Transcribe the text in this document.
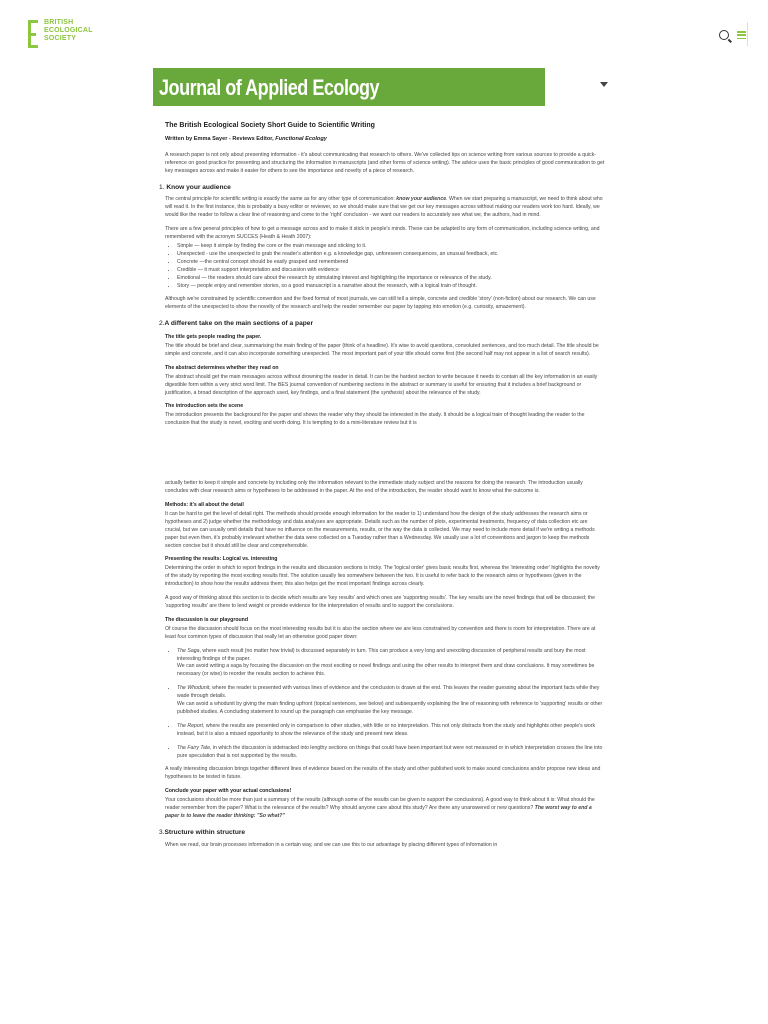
BRITISH
ECOLOGICAL
SOCIETY
Journal of Applied Ecology
The British Ecological Society Short Guide to Scientific Writing
Written by Emma Sayer - Reviews Editor, Functional Ecology

A research paper is not only about presenting information - it's about communicating that research to others. We've collected tips on science writing from various sources to provide a quick-reference on good practice for presenting and structuring the information in manuscripts (and other forms of science writing). The advice uses the basic principles of good communication to get key messages across and make it easier for others to see the importance and novelty of a piece of research.

1. Know your audience

The central principle for scientific writing is exactly the same as for any other type of communication: know your audience. When we start preparing a manuscript, we need to think about who will read it. In the first instance, this is probably a busy editor or reviewer, so we should make sure that we get our key messages across without making our readers work too hard. Ideally, we would like the reader to follow a clear line of reasoning and come to the 'right' conclusion - we want our readers to accurately see what we, the authors, had in mind.

There are a few general principles of how to get a message across and to make it stick in people's minds. These can be adapted to any form of communication, including science writing, and remembered with the acronym SUCCES (Heath & Heath 2007):

• Simple — keep it simple by finding the core or the main message and sticking to it.
• Unexpected - use the unexpected to grab the reader's attention e.g. a knowledge gap, unforeseen consequences, an unusual feedback, etc.
• Concrete —the central concept should be easily grasped and remembered
• Credible — it must support interpretation and discussion with evidence
• Emotional — the readers should care about the research by stimulating interest and highlighting the importance or relevance of the study.
• Story — people enjoy and remember stories, so a good manuscript is a narrative about the research, with a logical train of thought.

Although we're constrained by scientific convention and the fixed format of most journals, we can still tell a simple, concrete and credible 'story' (non-fiction) about our research. We can use elements of the unexpected to show the novelty of the research and help the reader remember our paper by tapping into emotion (e.g. curiosity, amazement).

2.A different take on the main sections of a paper
The title gets people reading the paper.

The title should be brief and clear, summarising the main finding of the paper (think of a headline). It's wise to avoid questions, convoluted sentences, and too much detail. The title should be simple and concrete, and it can also incorporate something unexpected. The most important part of your title should come first (the second half may not appear in a list of search results).

The abstract determines whether they read on

The abstract should get the main messages across without drowning the reader in detail. It can be the hardest section to write because it needs to contain all the key information in an easily digestible form within a very strict word limit. The BES journal convention of numbering sections in the abstract or summary is useful for ensuring that it includes a brief background or justification, a broad description of the approach used, key findings, and a final statement (the synthesis) about the relevance of the study.

The introduction sets the scene

The introduction presents the background for the paper and shows the reader why they should be interested in the study. It should be a logical train of thought leading the reader to the conclusion that the study is novel, exciting and worth doing. It is tempting to do a mini-literature review but it is

actually better to keep it simple and concrete by including only the information relevant to the immediate study subject and the reasons for doing the research. The introduction usually concludes with clear research aims or hypotheses to be addressed in the paper. At the end of the introduction, the reader should want to know what the outcome is.

Methods: it's all about the detail

It can be hard to get the level of detail right. The methods should provide enough information for the reader to 1) understand how the design of the study addresses the research aims or hypotheses and 2) judge whether the methodology and data analyses are appropriate. Details such as the number of plots, experimental treatments, frequency of data collection etc are crucial, but we can usually omit details that have no influence on the measurements, results, or the way the data is collected. We may need to include more detail if we're writing a methods paper but even then, it's probably irrelevant whether the data were collected on a Tuesday rather than a Wednesday. We usually use a lot of conventions and jargon to keep the methods section concise but it should still be clear and comprehensible.

Presenting the results: Logical vs. interesting

Determining the order in which to report findings in the results and discussion sections is tricky. The 'logical order' gives basic results first, whereas the 'interesting order' highlights the novelty of the study by reporting the most exciting results first. The solution usually lies somewhere between the two. It is useful to refer back to the research aims or hypotheses (given in the introduction) to show how the results address them; this also helps get the most important findings across clearly.

A good way of thinking about this section is to decide which results are 'key results' and which ones are 'supporting results'. The key results are the novel findings that will be discussed; the 'supporting results' are there to lend weight or provide evidence for the interpretation of results and to support the conclusions.

The discussion is our playground

Of course the discussion should focus on the most interesting results but it is also the section where we are less constrained by convention and there is room for interpretation. There are at least four common types of discussion that really let an otherwise good paper down:

• The Saga, where each result (no matter how trivial) is discussed separately in turn. This can produce a very long and unexciting discussion of peripheral results and bury the most interesting findings of the paper.
We can avoid writing a saga by focusing the discussion on the most exciting or novel findings and using the other results to interpret them and draw conclusions. It may sometimes be necessary (or wise) to reorder the results section to achieve this.
• The Whodunit, where the reader is presented with various lines of evidence and the conclusion is drawn at the end. This leaves the reader guessing about the important facts while they wade through details.
We can avoid a whodunit by giving the main finding upfront (topical sentences, see below) and subsequently explaining the line of reasoning with reference to 'supporting' results or other published studies. A concluding statement to round up the paragraph can emphasise the key message.
• The Report, where the results are presented only in comparison to other studies, with little or no interpretation. This not only distracts from the study and highlights other people's work instead, but it is also a missed opportunity to show the relevance of the study and present new ideas.
• The Fairy Tale, in which the discussion is sidetracked into lengthy sections on things that could have been important but were not measured or in which interpretation crosses the line into pure speculation that is not supported by the results.

A really interesting discussion brings together different lines of evidence based on the results of the study and other published work to make sound conclusions and/or propose new ideas and hypotheses to be tested in future.

Conclude your paper with your actual conclusions!

Your conclusions should be more than just a summary of the results (although some of the results can be given to support the conclusions). A good way to think about it is: What should the reader remember from the paper? What is the relevance of the results? Why should anyone care about this study? Are there any unanswered or new questions? The worst way to end a paper is to leave the reader thinking: "So what?"

3.Structure within structure

When we read, our brain processes information in a certain way, and we can use this to our advantage by placing different types of information in
